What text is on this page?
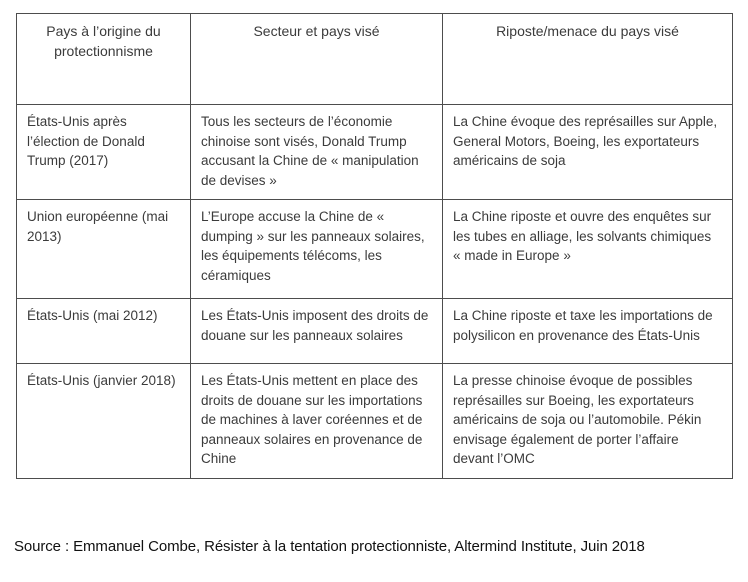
Pays à l’origine du protectionnisme	Secteur et pays visé	Riposte/menace du pays visé
États-Unis après l’élection de Donald Trump (2017)	Tous les secteurs de l’économie chinoise sont visés, Donald Trump accusant la Chine de « manipulation de devises »	La Chine évoque des représailles sur Apple, General Motors, Boeing, les exportateurs américains de soja
Union européenne (mai 2013)	L’Europe accuse la Chine de « dumping » sur les panneaux solaires, les équipements télécoms, les céramiques	La Chine riposte et ouvre des enquêtes sur les tubes en alliage, les solvants chimiques « made in Europe »
États-Unis (mai 2012)	Les États-Unis imposent des droits de douane sur les panneaux solaires	La Chine riposte et taxe les importations de polysilicon en provenance des États-Unis
États-Unis (janvier 2018)	Les États-Unis mettent en place des droits de douane sur les importations de machines à laver coréennes et de panneaux solaires en provenance de Chine	La presse chinoise évoque de possibles représailles sur Boeing, les exportateurs américains de soja ou l’automobile. Pékin envisage également de porter l’affaire devant l’OMC
Source : Emmanuel Combe, Résister à la tentation protectionniste, Altermind Institute, Juin 2018
